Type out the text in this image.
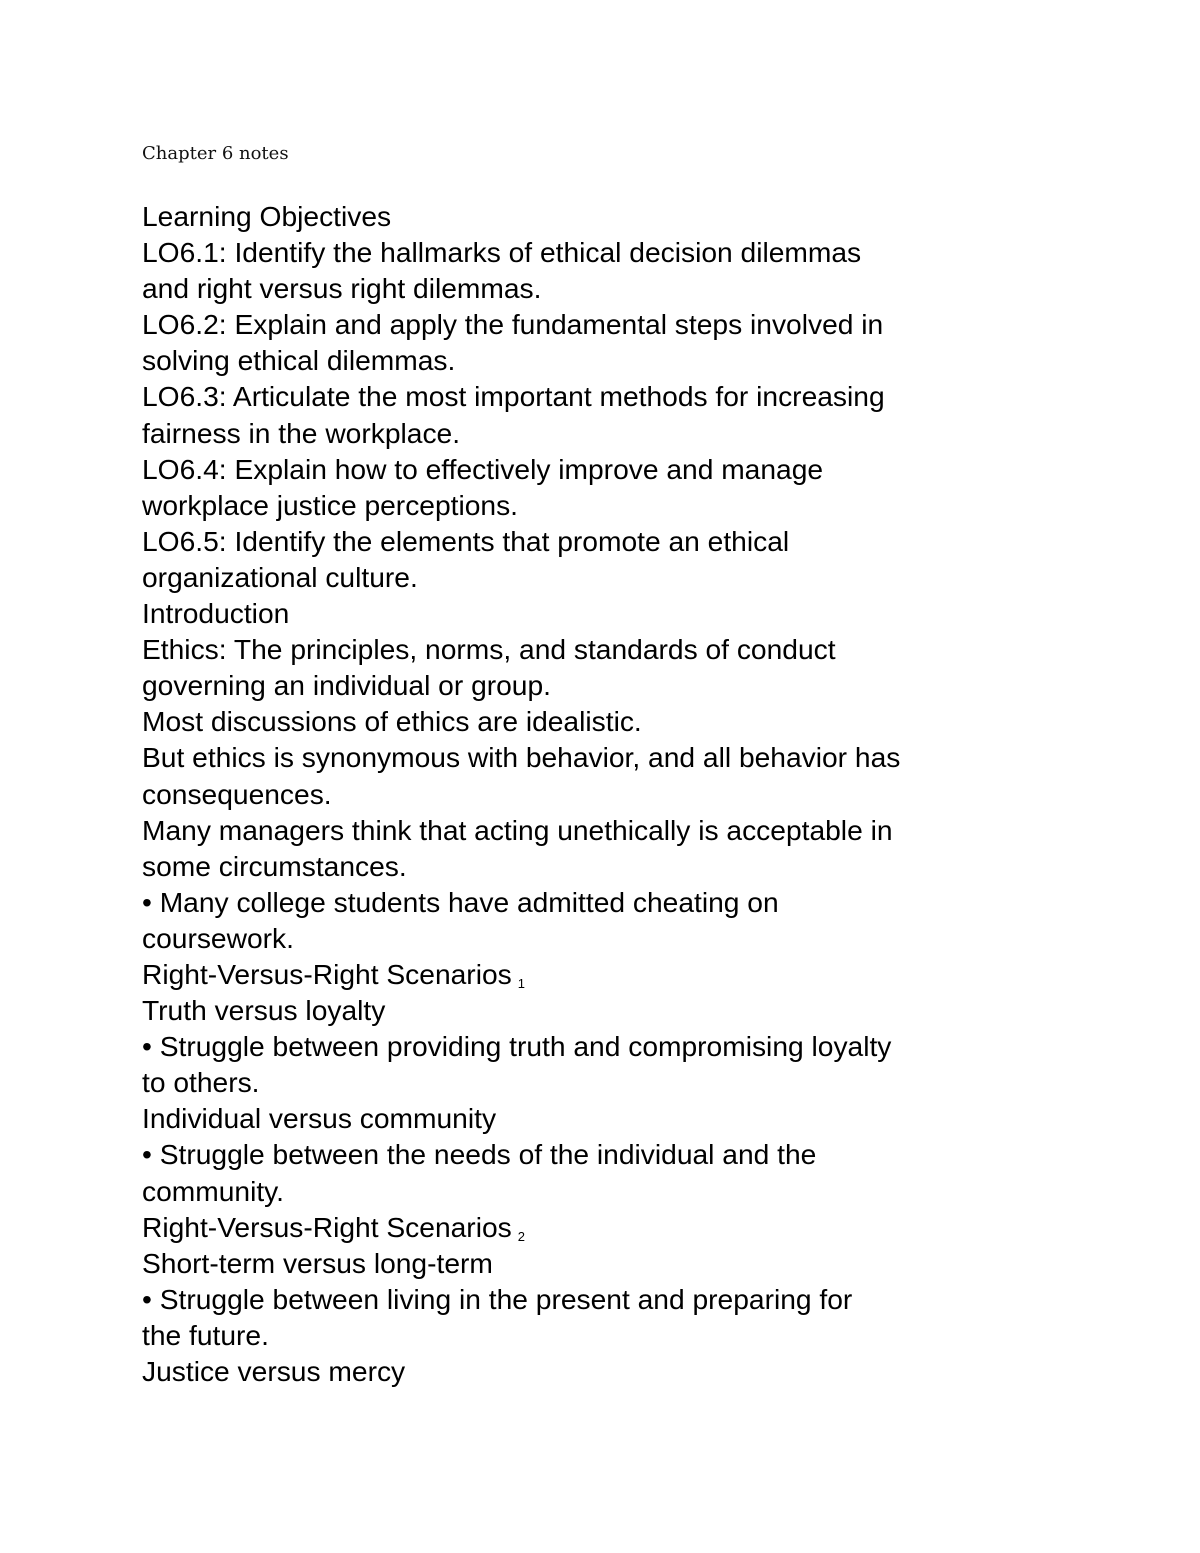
Chapter 6 notes
Learning Objectives
LO6.1: Identify the hallmarks of ethical decision dilemmas
and right versus right dilemmas.
LO6.2: Explain and apply the fundamental steps involved in
solving ethical dilemmas.
LO6.3: Articulate the most important methods for increasing
fairness in the workplace.
LO6.4: Explain how to effectively improve and manage
workplace justice perceptions.
LO6.5: Identify the elements that promote an ethical
organizational culture.
Introduction
Ethics: The principles, norms, and standards of conduct
governing an individual or group.
Most discussions of ethics are idealistic.
But ethics is synonymous with behavior, and all behavior has
consequences.
Many managers think that acting unethically is acceptable in
some circumstances.
• Many college students have admitted cheating on
coursework.
Right-Versus-Right Scenarios $_1$
Truth versus loyalty
• Struggle between providing truth and compromising loyalty
to others.
Individual versus community
• Struggle between the needs of the individual and the
community.
Right-Versus-Right Scenarios $_2$
Short-term versus long-term
• Struggle between living in the present and preparing for
the future.
Justice versus mercy
